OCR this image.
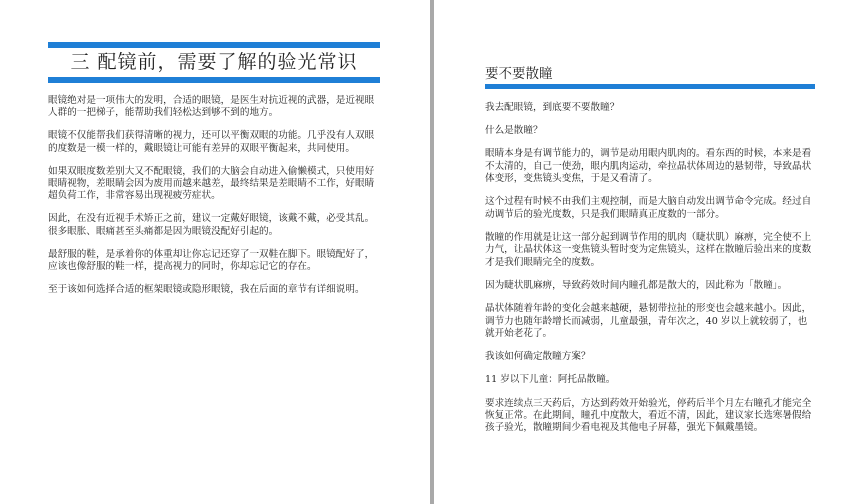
三 配镜前，需要了解的验光常识

眼镜绝对是一项伟大的发明，合适的眼镜，是医生对抗近视的武器，是近视眼人群的一把梯子，能帮助我们轻松达到够不到的地方。

眼镜不仅能帮我们获得清晰的视力，还可以平衡双眼的功能。几乎没有人双眼的度数是一模一样的，戴眼镜让可能有差异的双眼平衡起来，共同使用。

如果双眼度数差别大又不配眼镜，我们的大脑会自动进入偷懒模式，只使用好眼睛视物，差眼睛会因为废用而越来越差，最终结果是差眼睛不工作，好眼睛超负荷工作，非常容易出现视疲劳症状。

因此，在没有近视手术矫正之前，建议一定戴好眼镜，该戴不戴，必受其乱。很多眼胀、眼痛甚至头痛都是因为眼镜没配好引起的。

最舒服的鞋，是承着你的体重却让你忘记还穿了一双鞋在脚下。眼镜配好了，应该也像舒服的鞋一样，提高视力的同时，你却忘记它的存在。

至于该如何选择合适的框架眼镜或隐形眼镜，我在后面的章节有详细说明。

要不要散瞳

我去配眼镜，到底要不要散瞳？

什么是散瞳？

眼睛本身是有调节能力的，调节是动用眼内肌肉的。看东西的时候，本来是看不太清的，自己一使劲，眼内肌肉运动，牵拉晶状体周边的悬韧带，导致晶状体变形，变焦镜头变焦，于是又看清了。

这个过程有时候不由我们主观控制，而是大脑自动发出调节命令完成。经过自动调节后的验光度数，只是我们眼睛真正度数的一部分。

散瞳的作用就是让这一部分起到调节作用的肌肉（睫状肌）麻痹，完全使不上力气，让晶状体这一变焦镜头暂时变为定焦镜头，这样在散瞳后验出来的度数才是我们眼睛完全的度数。

因为睫状肌麻痹，导致药效时间内瞳孔都是散大的，因此称为「散瞳」。

晶状体随着年龄的变化会越来越硬，悬韧带拉扯的形变也会越来越小。因此，调节力也随年龄增长而减弱，儿童最强，青年次之，40 岁以上就较弱了，也就开始老花了。

我该如何确定散瞳方案？

11 岁以下儿童：阿托品散瞳。

要求连续点三天药后，方达到药效开始验光，停药后半个月左右瞳孔才能完全恢复正常。在此期间，瞳孔中度散大，看近不清，因此，建议家长选寒暑假给孩子验光，散瞳期间少看电视及其他电子屏幕，强光下佩戴墨镜。
